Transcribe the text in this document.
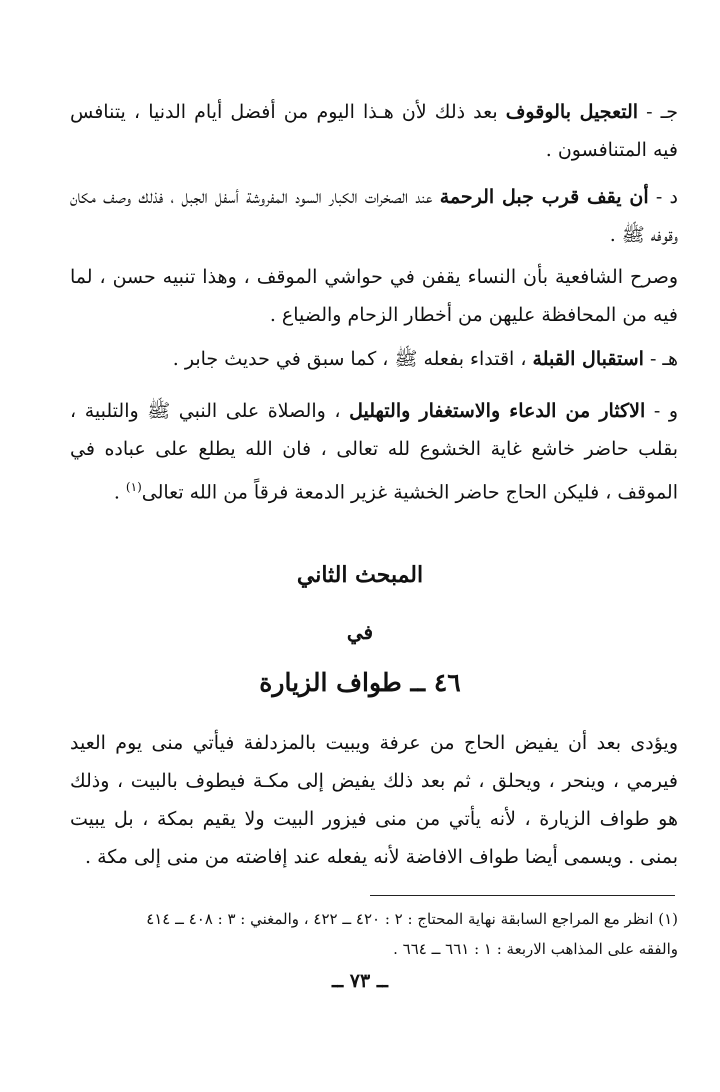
جـ - التعجيل بالوقوف بعد ذلك لأن هـذا اليوم من أفضل أيام الدنيا ، يتنافس فيه المتنافسون .

د - أن يقف قرب جبل الرحمة عند الصخرات الكبار السود المفروشة أسفل الجبل ، فذلك وصف مكان وقوفه ﷺ .

وصرح الشافعية بأن النساء يقفن في حواشي الموقف ، وهذا تنبيه حسن ، لما فيه من المحافظة عليهن من أخطار الزحام والضياع .

هـ - استقبال القبلة ، اقتداء بفعله ﷺ ، كما سبق في حديث جابر .

و - الاكثار من الدعاء والاستغفار والتهليل ، والصلاة على النبي ﷺ والتلبية ، بقلب حاضر خاشع غاية الخشوع لله تعالى ، فان الله يطلع على عباده في الموقف ، فليكن الحاج حاضر الخشية غزير الدمعة فرقاً من الله تعالى$^{(١)}$ .

المبحث الثاني
في
٤٦ ــ طواف الزيارة

ويؤدى بعد أن يفيض الحاج من عرفة ويبيت بالمزدلفة فيأتي منى يوم العيد فيرمي ، وينحر ، ويحلق ، ثم بعد ذلك يفيض إلى مكـة فيطوف بالبيت ، وذلك هو طواف الزيارة ، لأنه يأتي من منى فيزور البيت ولا يقيم بمكة ، بل يبيت بمنى . ويسمى أيضا طواف الافاضة لأنه يفعله عند إفاضته من منى إلى مكة .

(١) انظر مع المراجع السابقة نهاية المحتاج : ٢ : ٤٢٠ ــ ٤٢٢ ، والمغني : ٣ : ٤٠٨ ــ ٤١٤
والفقه على المذاهب الاربعة : ١ : ٦٦١ ــ ٦٦٤ .
ــ ٧٣ ــ
